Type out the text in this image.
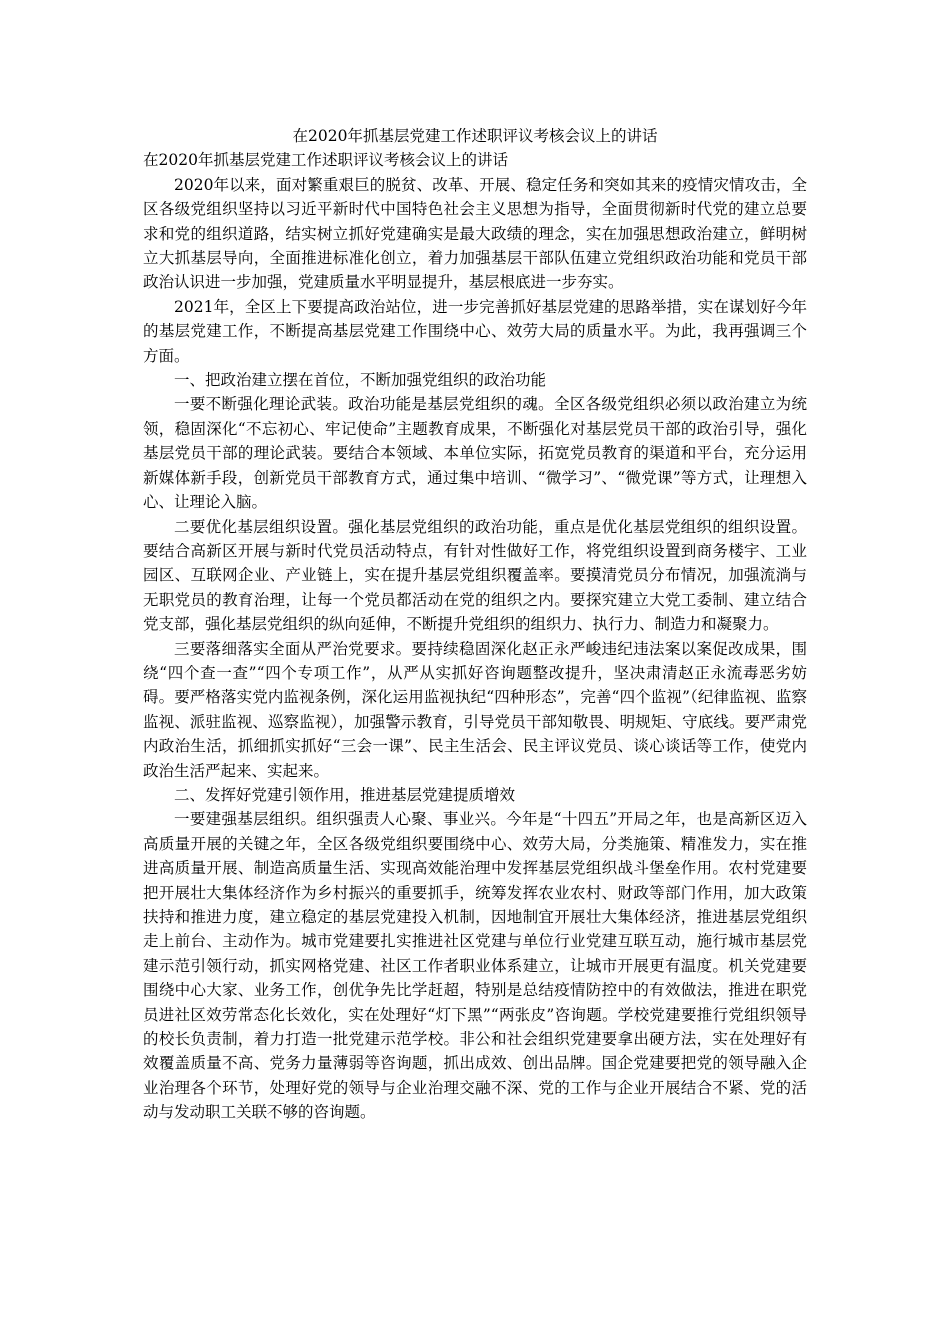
在2020年抓基层党建工作述职评议考核会议上的讲话

在2020年抓基层党建工作述职评议考核会议上的讲话

2020年以来，面对繁重艰巨的脱贫、改革、开展、稳定任务和突如其来的疫情灾情攻击，全区各级党组织坚持以习近平新时代中国特色社会主义思想为指导，全面贯彻新时代党的建立总要求和党的组织道路，结实树立抓好党建确实是最大政绩的理念，实在加强思想政治建立，鲜明树立大抓基层导向，全面推进标准化创立，着力加强基层干部队伍建立党组织政治功能和党员干部政治认识进一步加强，党建质量水平明显提升，基层根底进一步夯实。

2021年，全区上下要提高政治站位，进一步完善抓好基层党建的思路举措，实在谋划好今年的基层党建工作，不断提高基层党建工作围绕中心、效劳大局的质量水平。为此，我再强调三个方面。

一、把政治建立摆在首位，不断加强党组织的政治功能

一要不断强化理论武装。政治功能是基层党组织的魂。全区各级党组织必须以政治建立为统领，稳固深化“不忘初心、牢记使命”主题教育成果，不断强化对基层党员干部的政治引导，强化基层党员干部的理论武装。要结合本领域、本单位实际，拓宽党员教育的渠道和平台，充分运用新媒体新手段，创新党员干部教育方式，通过集中培训、“微学习”、“微党课”等方式，让理想入心、让理论入脑。

二要优化基层组织设置。强化基层党组织的政治功能，重点是优化基层党组织的组织设置。要结合高新区开展与新时代党员活动特点，有针对性做好工作，将党组织设置到商务楼宇、工业园区、互联网企业、产业链上，实在提升基层党组织覆盖率。要摸清党员分布情况，加强流淌与无职党员的教育治理，让每一个党员都活动在党的组织之内。要探究建立大党工委制、建立结合党支部，强化基层党组织的纵向延伸，不断提升党组织的组织力、执行力、制造力和凝聚力。

三要落细落实全面从严治党要求。要持续稳固深化赵正永严峻违纪违法案以案促改成果，围绕“四个查一查”“四个专项工作”，从严从实抓好咨询题整改提升，坚决肃清赵正永流毒恶劣妨碍。要严格落实党内监视条例，深化运用监视执纪“四种形态”，完善“四个监视”（纪律监视、监察监视、派驻监视、巡察监视），加强警示教育，引导党员干部知敬畏、明规矩、守底线。要严肃党内政治生活，抓细抓实抓好“三会一课”、民主生活会、民主评议党员、谈心谈话等工作，使党内政治生活严起来、实起来。

二、发挥好党建引领作用，推进基层党建提质增效

一要建强基层组织。组织强责人心聚、事业兴。今年是“十四五”开局之年，也是高新区迈入高质量开展的关键之年，全区各级党组织要围绕中心、效劳大局，分类施策、精准发力，实在推进高质量开展、制造高质量生活、实现高效能治理中发挥基层党组织战斗堡垒作用。农村党建要把开展壮大集体经济作为乡村振兴的重要抓手，统筹发挥农业农村、财政等部门作用，加大政策扶持和推进力度，建立稳定的基层党建投入机制，因地制宜开展壮大集体经济，推进基层党组织走上前台、主动作为。城市党建要扎实推进社区党建与单位行业党建互联互动，施行城市基层党建示范引领行动，抓实网格党建、社区工作者职业体系建立，让城市开展更有温度。机关党建要围绕中心大家、业务工作，创优争先比学赶超，特别是总结疫情防控中的有效做法，推进在职党员进社区效劳常态化长效化，实在处理好“灯下黑”“两张皮”咨询题。学校党建要推行党组织领导的校长负责制，着力打造一批党建示范学校。非公和社会组织党建要拿出硬方法，实在处理好有效覆盖质量不高、党务力量薄弱等咨询题，抓出成效、创出品牌。国企党建要把党的领导融入企业治理各个环节，处理好党的领导与企业治理交融不深、党的工作与企业开展结合不紧、党的活动与发动职工关联不够的咨询题。
